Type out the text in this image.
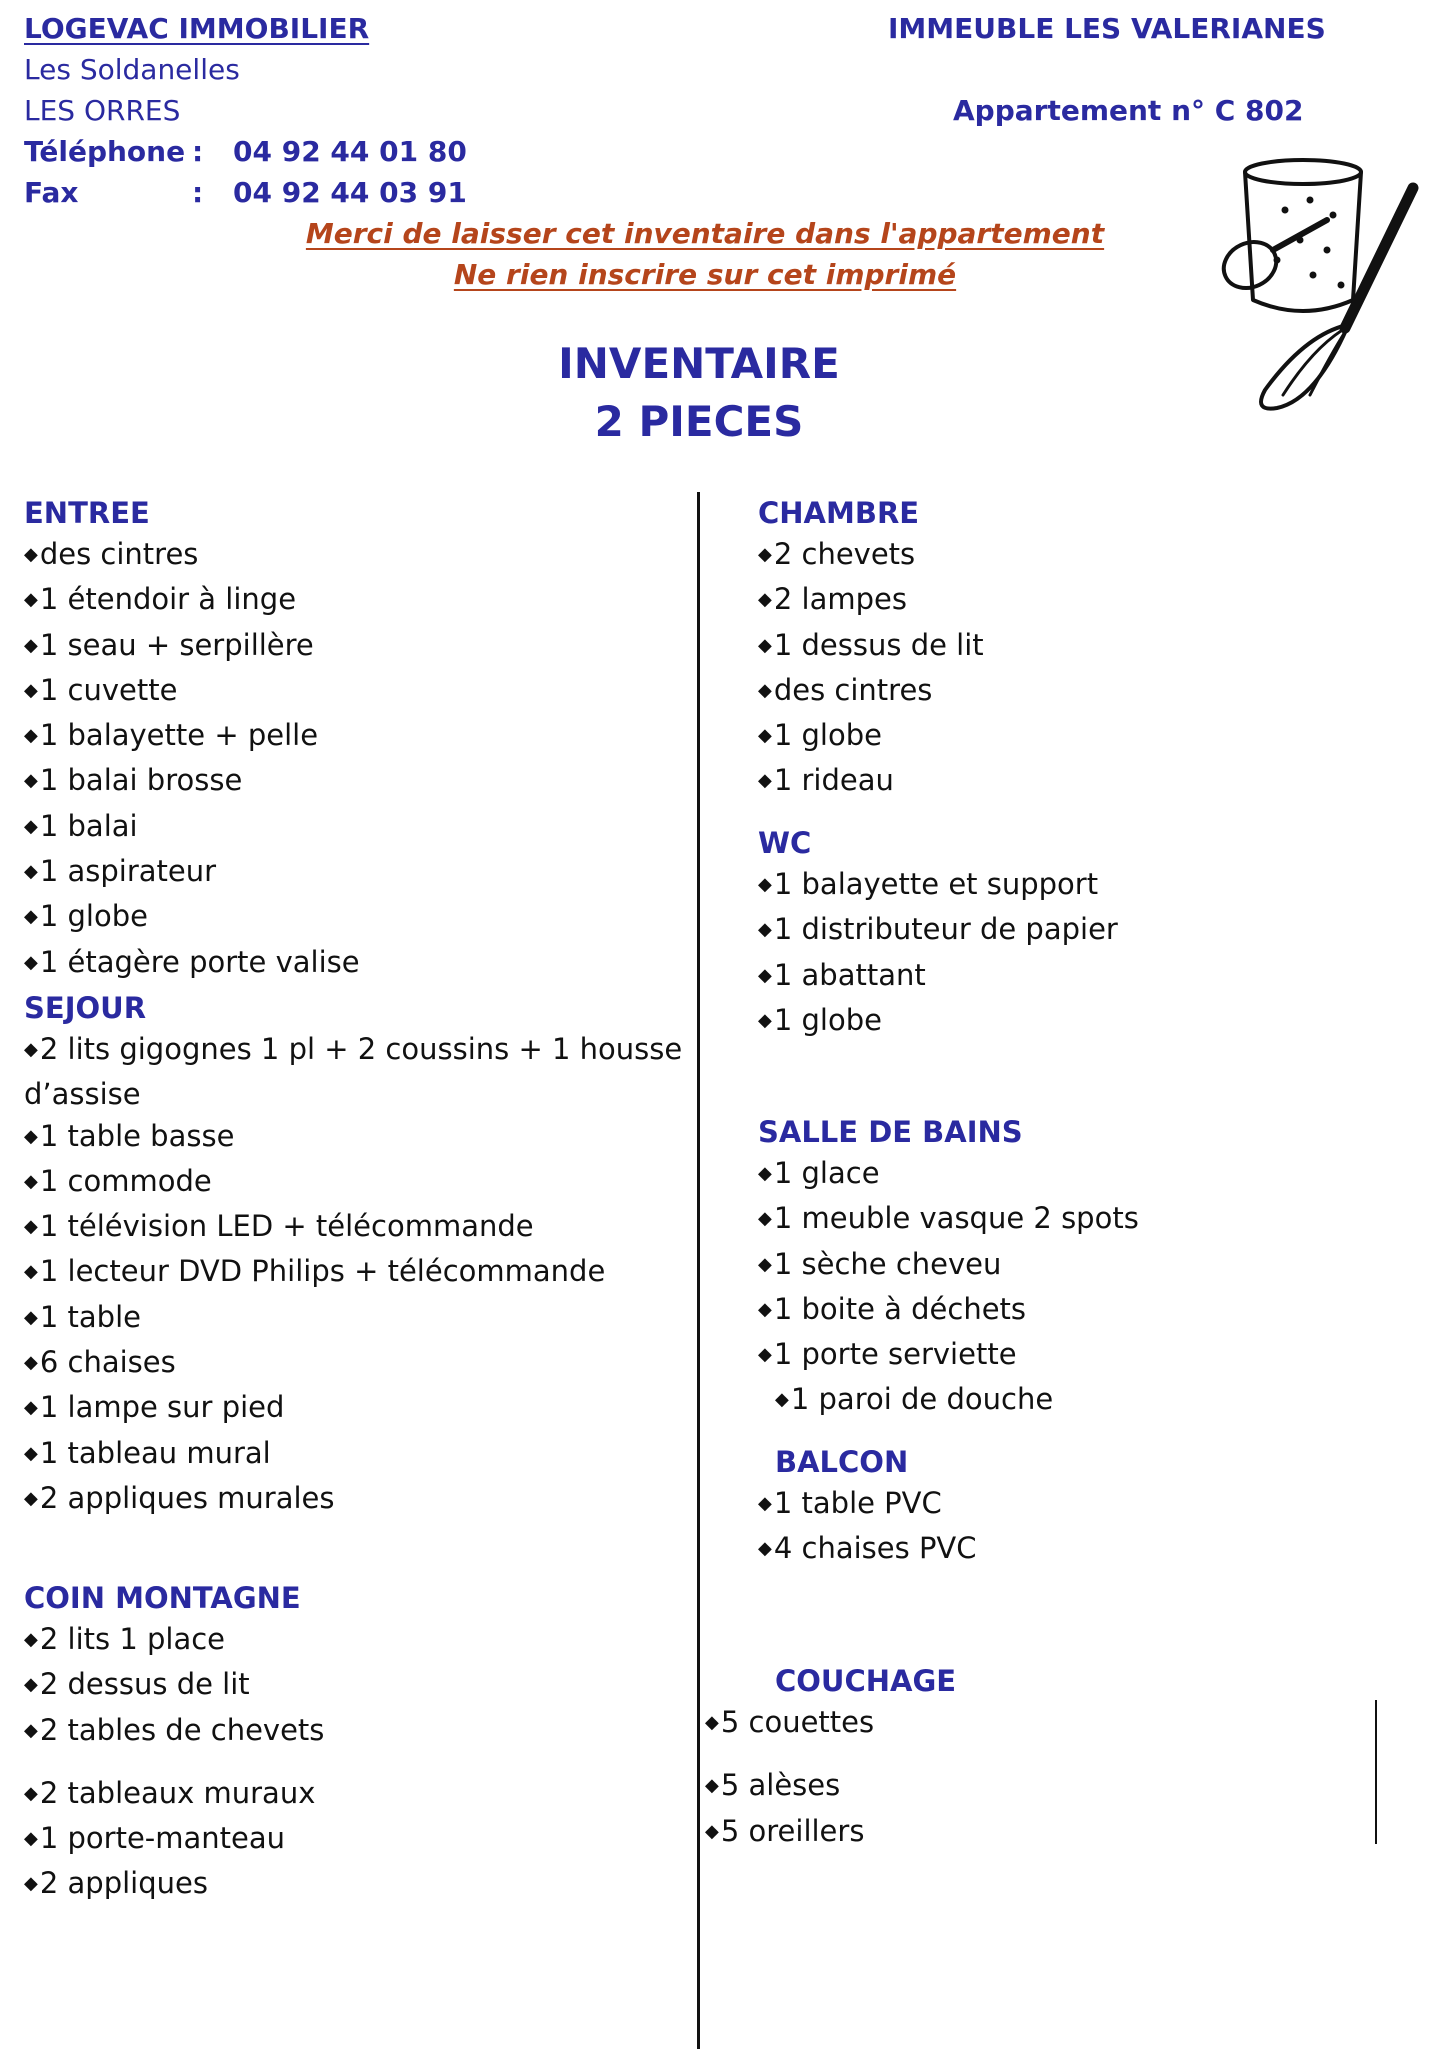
LOGEVAC IMMOBILIER
Les Soldanelles
LES ORRES
Téléphone : 04 92 44 01 80
Fax	: 04 92 44 03 91
IMMEUBLE LES VALERIANES
Appartement n° C 802
Merci de laisser cet inventaire dans l'appartement
Ne rien inscrire sur cet imprimé
INVENTAIRE
2 PIECES
ENTREE
◆des cintres
◆1 étendoir à linge
◆1 seau + serpillère
◆1 cuvette
◆1 balayette + pelle
◆1 balai brosse
◆1 balai
◆1 aspirateur
◆1 globe
◆1 étagère porte valise
SEJOUR
◆2 lits gigognes 1 pl + 2 coussins + 1 housse
d’assise
◆1 table basse
◆1 commode
◆1 télévision LED + télécommande
◆1 lecteur DVD Philips + télécommande
◆1 table
◆6 chaises
◆1 lampe sur pied
◆1 tableau mural
◆2 appliques murales
COIN MONTAGNE
◆2 lits 1 place
◆2 dessus de lit
◆2 tables de chevets
◆2 tableaux muraux
◆1 porte-manteau
◆2 appliques
CHAMBRE
◆2 chevets
◆2 lampes
◆1 dessus de lit
◆des cintres
◆1 globe
◆1 rideau
WC
◆1 balayette et support
◆1 distributeur de papier
◆1 abattant
◆1 globe
SALLE DE BAINS
◆1 glace
◆1 meuble vasque 2 spots
◆1 sèche cheveu
◆1 boite à déchets
◆1 porte serviette
◆1 paroi de douche
BALCON
◆1 table PVC
◆4 chaises PVC
COUCHAGE
◆5 couettes
◆5 alèses
◆5 oreillers
